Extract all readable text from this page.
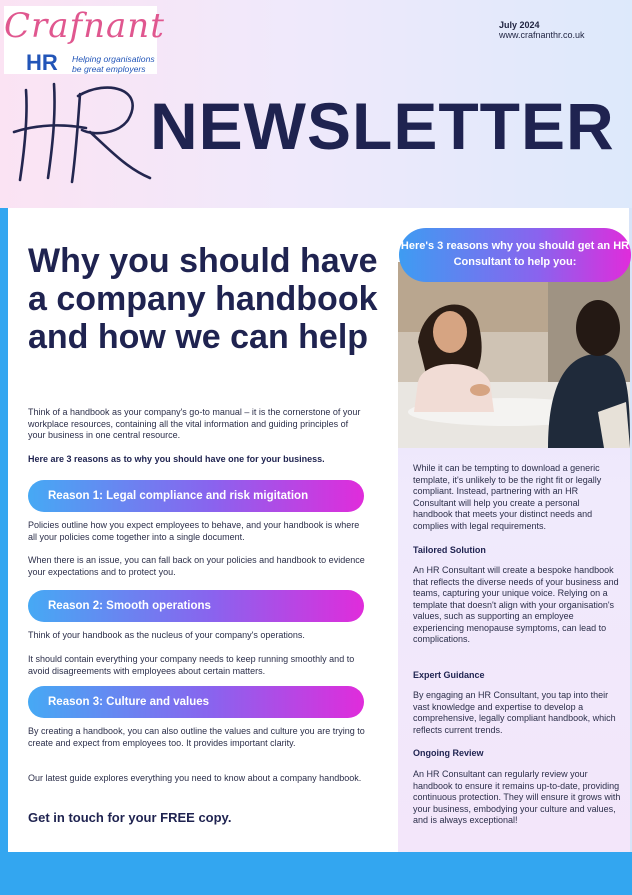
Crafnant
HR Helping organisations
be great employers
July 2024
www.crafnanthr.co.uk
NEWSLETTER
Why you should have a company handbook and how we can help
Think of a handbook as your company's go-to manual – it is the cornerstone of your workplace resources, containing all the vital information and guiding principles of your business in one central resource.
Here are 3 reasons as to why you should have one for your business.
Reason 1: Legal compliance and risk migitation
Policies outline how you expect employees to behave, and your handbook is where all your policies come together into a single document.
When there is an issue, you can fall back on your policies and handbook to evidence your expectations and to protect you.
Reason 2: Smooth operations
Think of your handbook as the nucleus of your company's operations.
It should contain everything your company needs to keep running smoothly and to avoid disagreements with employees about certain matters.
Reason 3: Culture and values
By creating a handbook, you can also outline the values and culture you are trying to create and expect from employees too. It provides important clarity.
Our latest guide explores everything you need to know about a company handbook.
Get in touch for your FREE copy.
Here's 3 reasons why you should get an HR Consultant to help you:
While it can be tempting to download a generic template, it's unlikely to be the right fit or legally compliant. Instead, partnering with an HR Consultant will help you create a personal handbook that meets your distinct needs and complies with legal requirements.
Tailored Solution
An HR Consultant will create a bespoke handbook that reflects the diverse needs of your business and teams, capturing your unique voice. Relying on a template that doesn't align with your organisation's values, such as supporting an employee experiencing menopause symptoms, can lead to complications.
Expert Guidance
By engaging an HR Consultant, you tap into their vast knowledge and expertise to develop a comprehensive, legally compliant handbook, which reflects current trends.
Ongoing Review
An HR Consultant can regularly review your handbook to ensure it remains up-to-date, providing continuous protection. They will ensure it grows with your business, embodying your culture and values, and is always exceptional!
